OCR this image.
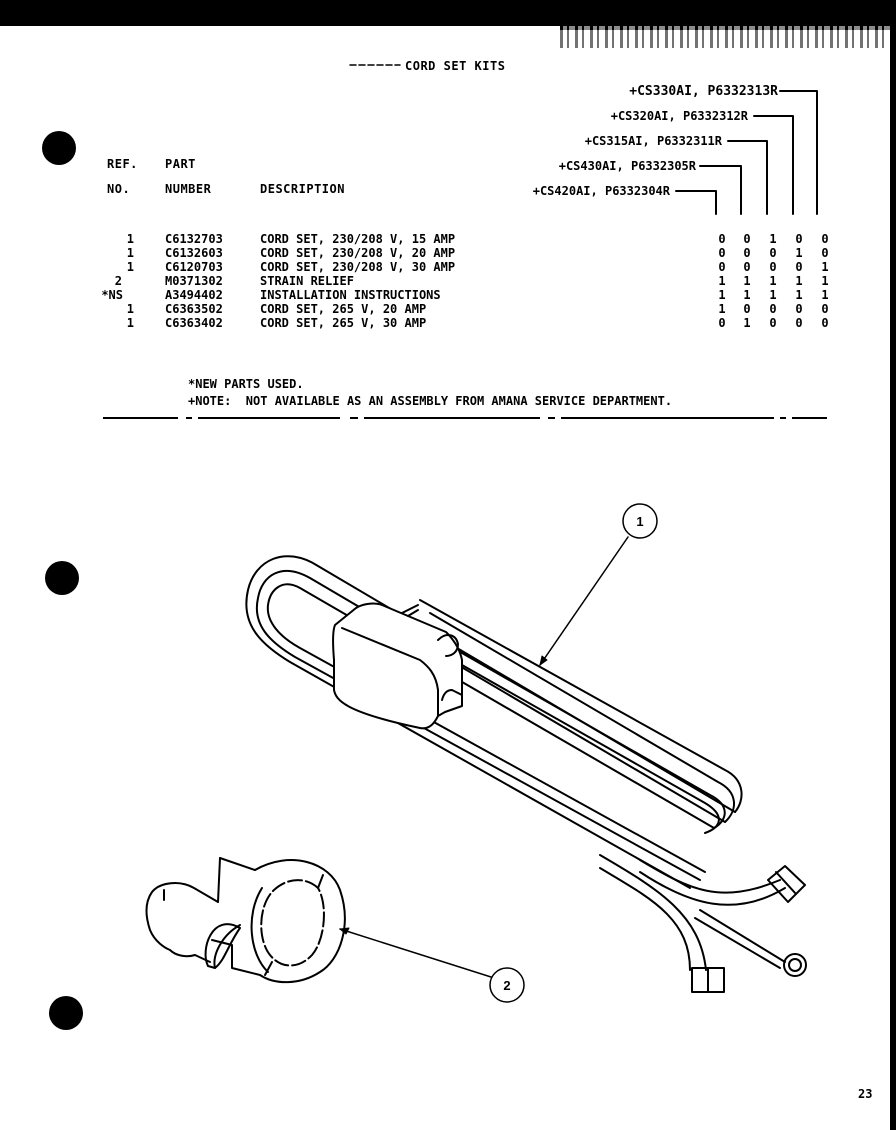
CORD SET KITS
+CS330AI, P6332313R
+CS320AI, P6332312R
+CS315AI, P6332311R
+CS430AI, P6332305R
+CS420AI, P6332304R
REF.
NO.
PART
NUMBER	DESCRIPTION
1	C6132703	CORD SET, 230/208 V, 15 AMP	0 0 1 0 0
1	C6132603	CORD SET, 230/208 V, 20 AMP	0 0 0 1 0
1	C6120703	CORD SET, 230/208 V, 30 AMP	0 0 0 0 1
2	M0371302	STRAIN RELIEF	1 1 1 1 1
*NS	A3494402	INSTALLATION INSTRUCTIONS	1 1 1 1 1
1	C6363502	CORD SET, 265 V, 20 AMP	1 0 0 0 0
1	C6363402	CORD SET, 265 V, 30 AMP	0 1 0 0 0
*NEW PARTS USED.
+NOTE:  NOT AVAILABLE AS AN ASSEMBLY FROM AMANA SERVICE DEPARTMENT.
1
2
23
